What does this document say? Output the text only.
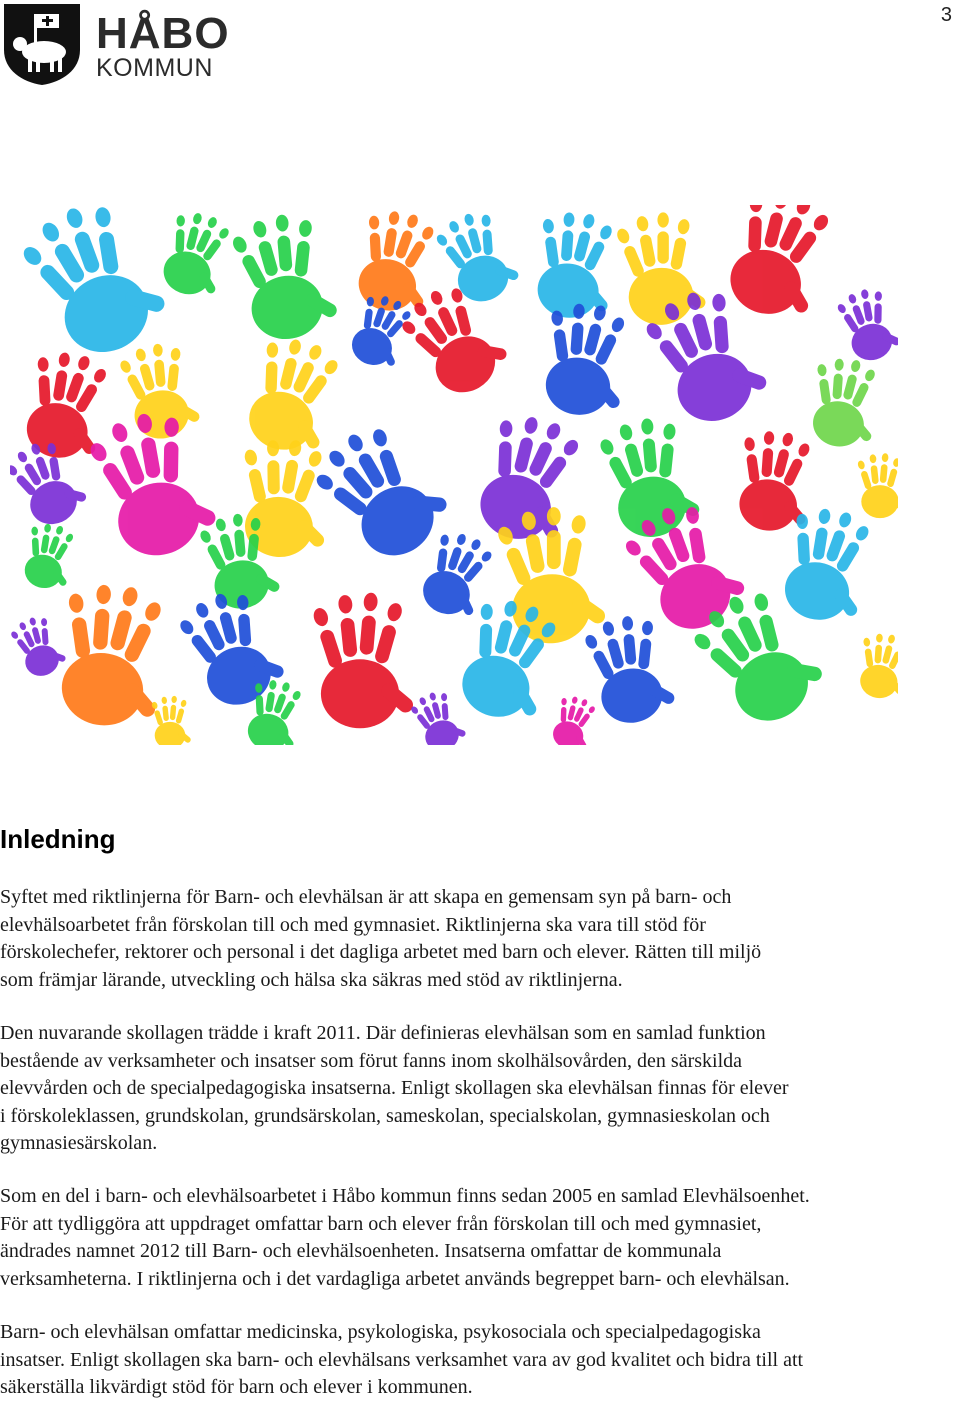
3
HÅBO
KOMMUN
Inledning

Syftet med riktlinjerna för Barn- och elevhälsan är att skapa en gemensam syn på barn- och
elevhälsoarbetet från förskolan till och med gymnasiet. Riktlinjerna ska vara till stöd för
förskolechefer, rektorer och personal i det dagliga arbetet med barn och elever. Rätten till miljö
som främjar lärande, utveckling och hälsa ska säkras med stöd av riktlinjerna.

Den nuvarande skollagen trädde i kraft 2011. Där definieras elevhälsan som en samlad funktion
bestående av verksamheter och insatser som förut fanns inom skolhälsovården, den särskilda
elevvården och de specialpedagogiska insatserna. Enligt skollagen ska elevhälsan finnas för elever
i förskoleklassen, grundskolan, grundsärskolan, sameskolan, specialskolan, gymnasieskolan och
gymnasiesärskolan.

Som en del i barn- och elevhälsoarbetet i Håbo kommun finns sedan 2005 en samlad Elevhälsoenhet.
För att tydliggöra att uppdraget omfattar barn och elever från förskolan till och med gymnasiet,
ändrades namnet 2012 till Barn- och elevhälsoenheten. Insatserna omfattar de kommunala
verksamheterna. I riktlinjerna och i det vardagliga arbetet används begreppet barn- och elevhälsan.

Barn- och elevhälsan omfattar medicinska, psykologiska, psykosociala och specialpedagogiska
insatser. Enligt skollagen ska barn- och elevhälsans verksamhet vara av god kvalitet och bidra till att
säkerställa likvärdigt stöd för barn och elever i kommunen.
